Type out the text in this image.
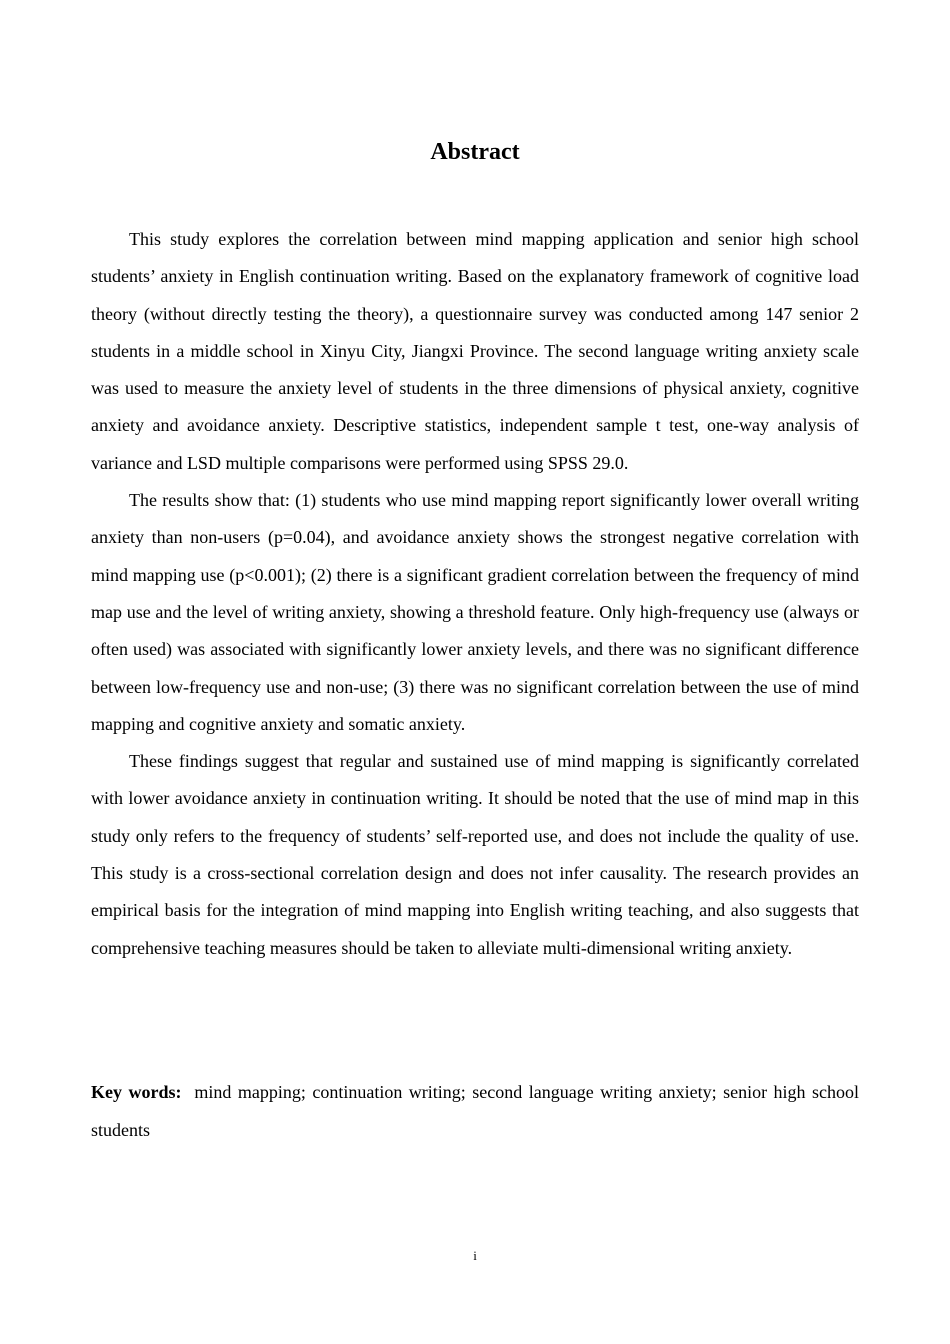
Abstract

This study explores the correlation between mind mapping application and senior high school students’ anxiety in English continuation writing. Based on the explanatory framework of cognitive load theory (without directly testing the theory), a questionnaire survey was conducted among 147 senior 2 students in a middle school in Xinyu City, Jiangxi Province. The second language writing anxiety scale was used to measure the anxiety level of students in the three dimensions of physical anxiety, cognitive anxiety and avoidance anxiety. Descriptive statistics, independent sample t test, one-way analysis of variance and LSD multiple comparisons were performed using SPSS 29.0.

The results show that: (1) students who use mind mapping report significantly lower overall writing anxiety than non-users (p=0.04), and avoidance anxiety shows the strongest negative correlation with mind mapping use (p<0.001); (2) there is a significant gradient correlation between the frequency of mind map use and the level of writing anxiety, showing a threshold feature. Only high-frequency use (always or often used) was associated with significantly lower anxiety levels, and there was no significant difference between low-frequency use and non-use; (3) there was no significant correlation between the use of mind mapping and cognitive anxiety and somatic anxiety.

These findings suggest that regular and sustained use of mind mapping is significantly correlated with lower avoidance anxiety in continuation writing. It should be noted that the use of mind map in this study only refers to the frequency of students’ self-reported use, and does not include the quality of use. This study is a cross-sectional correlation design and does not infer causality. The research provides an empirical basis for the integration of mind mapping into English writing teaching, and also suggests that comprehensive teaching measures should be taken to alleviate multi-dimensional writing anxiety.

Key words: mind mapping; continuation writing; second language writing anxiety; senior high school students

i
